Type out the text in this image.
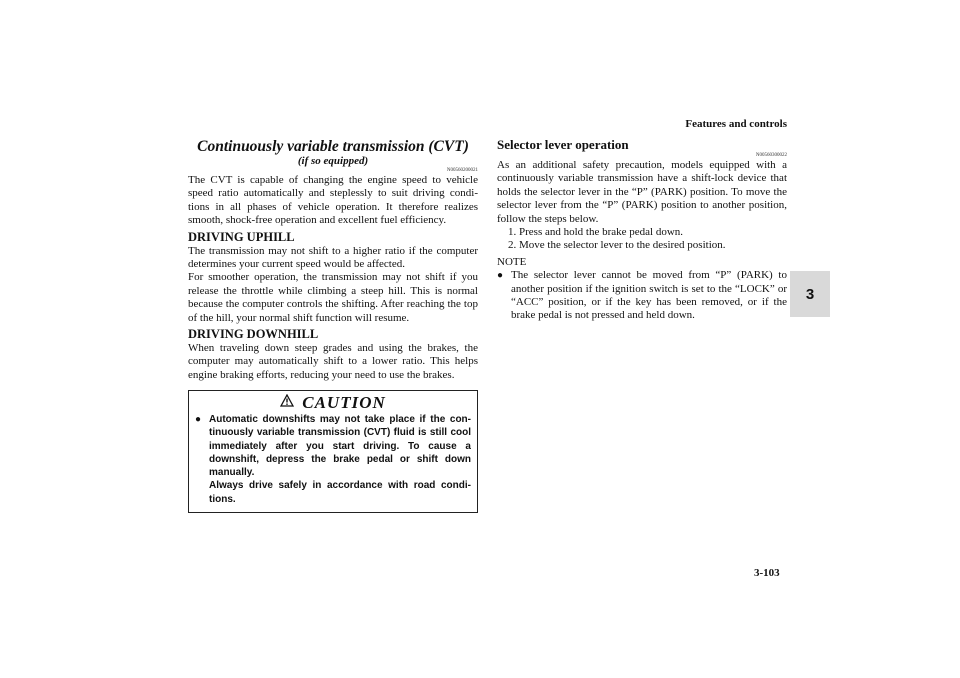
Features and controls
3
Continuously variable transmission (CVT)
(if so equipped)
N00560200021

The CVT is capable of changing the engine speed to vehicle speed ratio automatically and steplessly to suit driving condi-tions in all phases of vehicle operation. It therefore realizes smooth, shock-free operation and excellent fuel efficiency.

DRIVING UPHILL

The transmission may not shift to a higher ratio if the computer determines your current speed would be affected.

For smoother operation, the transmission may not shift if you release the throttle while climbing a steep hill. This is normal because the computer controls the shifting. After reaching the top of the hill, your normal shift function will resume.

DRIVING DOWNHILL

When traveling down steep grades and using the brakes, the computer may automatically shift to a lower ratio. This helps engine braking efforts, reducing your need to use the brakes.

CAUTION
● Automatic downshifts may not take place if the con-tinuously variable transmission (CVT) fluid is still cool immediately after you start driving. To cause a downshift, depress the brake pedal or shift down manually.
Always drive safely in accordance with road condi-tions.
Selector lever operation
N00560300022

As an additional safety precaution, models equipped with a continuously variable transmission have a shift-lock device that holds the selector lever in the “P” (PARK) position. To move the selector lever from the “P” (PARK) position to another position, follow the steps below.

1. Press and hold the brake pedal down.
2. Move the selector lever to the desired position.
NOTE
● The selector lever cannot be moved from “P” (PARK) to another position if the ignition switch is set to the “LOCK” or “ACC” position, or if the key has been removed, or if the brake pedal is not pressed and held down.
3-103
